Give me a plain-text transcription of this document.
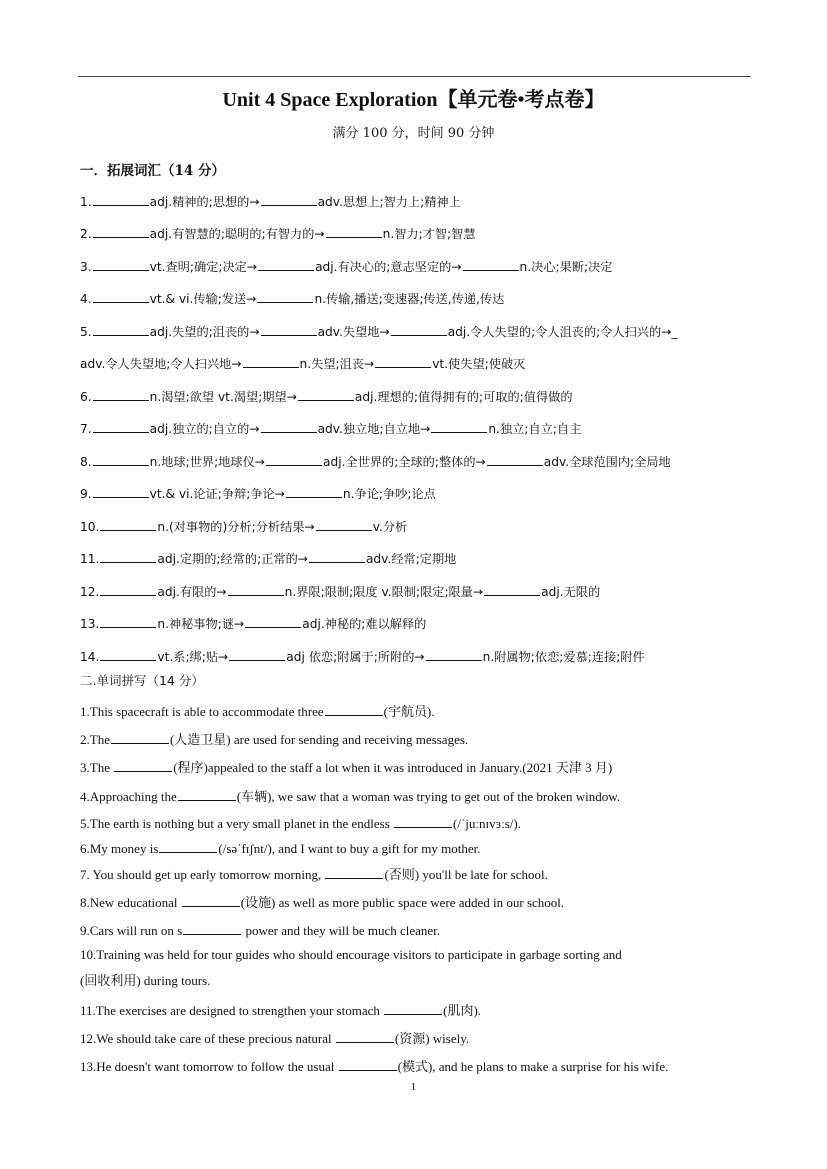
Unit 4 Space Exploration【单元卷•考点卷】
满分 100 分，时间 90 分钟
一．拓展词汇（14 分）
1.	adj.精神的;思想的→	adv.思想上;智力上;精神上
2.	adj.有智慧的;聪明的;有智力的→	n.智力;才智;智慧
3.	vt.查明;确定;决定→	adj.有决心的;意志坚定的→	n.决心;果断;决定
4.	vt.& vi.传输;发送→	n.传输,播送;变速器;传送,传递,传达
5.	adj.失望的;沮丧的→	adv.失望地→	adj.令人失望的;令人沮丧的;令人扫兴的→_
adv.令人失望地;令人扫兴地→	n.失望;沮丧→	vt.使失望;使破灭
6.	n.渴望;欲望 vt.渴望;期望→	adj.理想的;值得拥有的;可取的;值得做的
7.	adj.独立的;自立的→	adv.独立地;自立地→	n.独立;自立;自主
8.	n.地球;世界;地球仪→	adj.全世界的;全球的;整体的→	adv.全球范围内;全局地
9.	vt.& vi.论证;争辩;争论→	n.争论;争吵;论点
10.	n.(对事物的)分析;分析结果→	v.分析
11.	adj.定期的;经常的;正常的→	adv.经常;定期地
12.	adj.有限的→	n.界限;限制;限度 v.限制;限定;限量→	adj.无限的
13.	n.神秘事物;谜→	adj.神秘的;难以解释的
14.	vt.系;绑;贴→	adj 依恋;附属于;所附的→	n.附属物;依恋;爱慕;连接;附件
二.单词拼写（14 分）
1.This spacecraft is able to accommodate three	(宇航员).
2.The	(人造卫星) are used for sending and receiving messages.
3.The	(程序)appealed to the staff a lot when it was introduced in January.(2021 天津 3 月)
4.Approaching the	(车辆), we saw that a woman was trying to get out of the broken window.
5.The earth is nothing but a very small planet in the endless	(/ˈjuːnɪvɜːs/).
6.My money is	(/səˈfɪʃnt/), and I want to buy a gift for my mother.
7. You should get up early tomorrow morning,	(否则) you'll be late for school.
8.New educational	(设施) as well as more public space were added in our school.
9.Cars will run on s	power and they will be much cleaner.
10.Training was held for tour guides who should encourage visitors to participate in garbage sorting and
(回收利用) during tours.
11.The exercises are designed to strengthen your stomach	(肌肉).
12.We should take care of these precious natural	(资源) wisely.
13.He doesn't want tomorrow to follow the usual	(模式), and he plans to make a surprise for his wife.
1
